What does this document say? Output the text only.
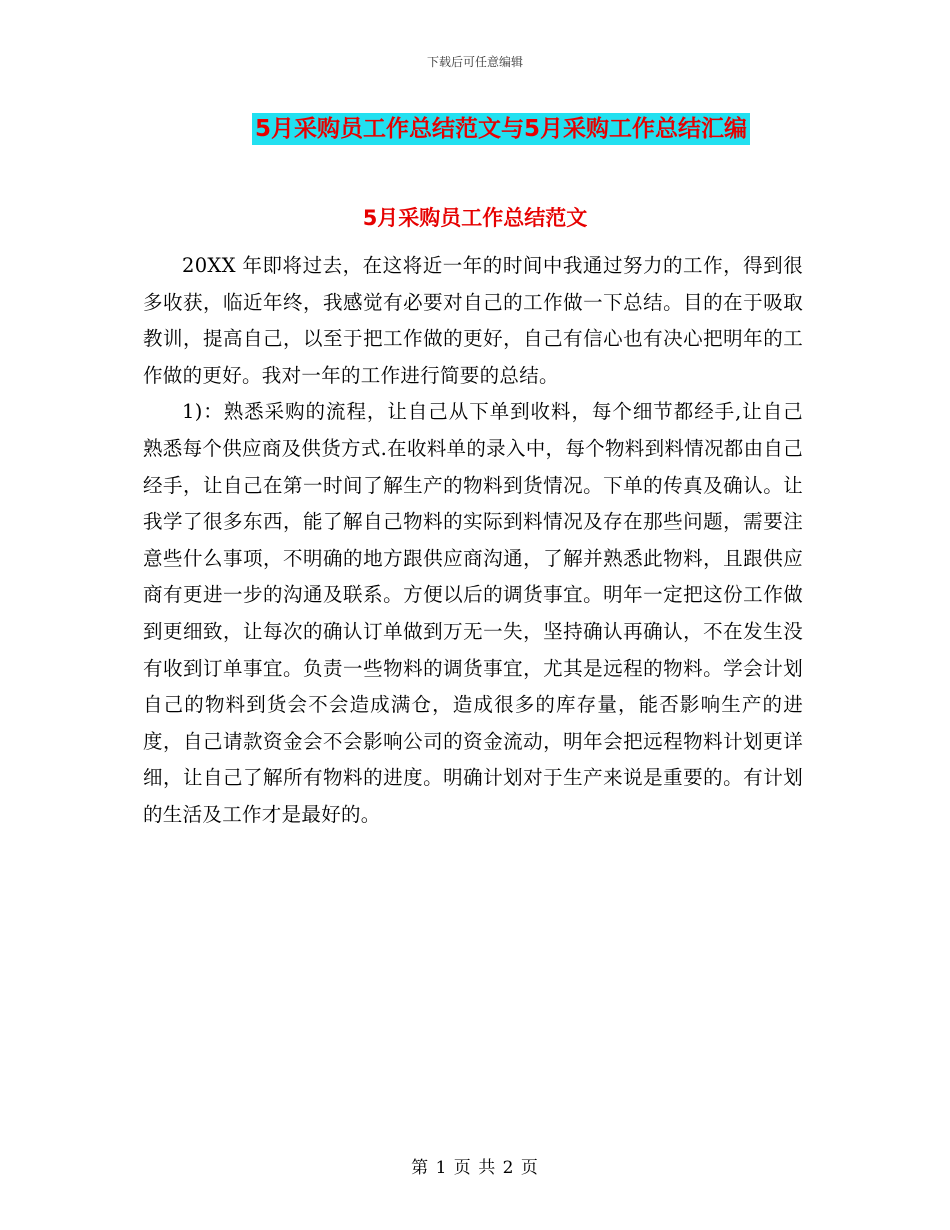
下载后可任意编辑
5月采购员工作总结范文与5月采购工作总结汇编
5月采购员工作总结范文

20XX 年即将过去，在这将近一年的时间中我通过努力的工作，得到很多收获，临近年终，我感觉有必要对自己的工作做一下总结。目的在于吸取教训，提高自己，以至于把工作做的更好，自己有信心也有决心把明年的工作做的更好。我对一年的工作进行简要的总结。

1)：熟悉采购的流程，让自己从下单到收料，每个细节都经手,让自己熟悉每个供应商及供货方式.在收料单的录入中，每个物料到料情况都由自己经手，让自己在第一时间了解生产的物料到货情况。下单的传真及确认。让我学了很多东西，能了解自己物料的实际到料情况及存在那些问题，需要注意些什么事项，不明确的地方跟供应商沟通，了解并熟悉此物料，且跟供应商有更进一步的沟通及联系。方便以后的调货事宜。明年一定把这份工作做到更细致，让每次的确认订单做到万无一失，坚持确认再确认，不在发生没有收到订单事宜。负责一些物料的调货事宜，尤其是远程的物料。学会计划自己的物料到货会不会造成满仓，造成很多的库存量，能否影响生产的进度，自己请款资金会不会影响公司的资金流动，明年会把远程物料计划更详细，让自己了解所有物料的进度。明确计划对于生产来说是重要的。有计划的生活及工作才是最好的。

第 1 页 共 2 页
